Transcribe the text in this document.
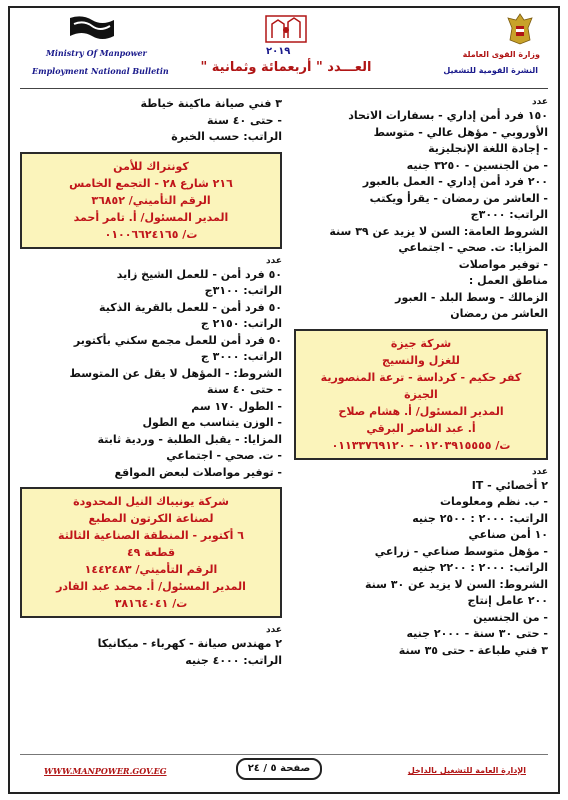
Ministry Of Manpower
Employment National Bulletin
٢٠١٩
العـــدد " أربعمائة وثمانية "
وزارة القوى العاملة
النشرة القومية للتشغيل
عدد
١٥٠ فرد أمن إداري - بسفارات الاتحاد
الأوروبي - مؤهل عالي - متوسط
- إجادة اللغة الإنجليزية
- من الجنسين - ٣٢٥٠ جنيه
٢٠٠ فرد أمن إداري - العمل بالعبور
- العاشر من رمضان - يقرأ ويكتب
الراتب: ٣٠٠٠ج
الشروط العامة: السن لا يزيد عن ٣٩ سنة
المزايا: ت. صحي - اجتماعي
- توفير مواصلات
مناطق العمل :
الزمالك - وسط البلد - العبور
العاشر من رمضان
شركة جيزة
للغزل والنسيج
كفر حكيم - كرداسة - ترعة المنصورية
الجيزة
المدير المسئول/ أ. هشام صلاح
أ. عبد الناصر البرقي
ت/ ٠١٢٠٣٩١٥٥٥٥ - ٠١١٣٣٧٦٩١٢٠
عدد
٢ أخصائي - IT
- ب. نظم ومعلومات
الراتب: ٢٠٠٠ : ٢٥٠٠ جنيه
١٠ أمن صناعي
- مؤهل متوسط صناعي - زراعي
الراتب: ٢٠٠٠ : ٢٢٠٠ جنيه
الشروط: السن لا يزيد عن ٣٠ سنة
٢٠٠ عامل إنتاج
- من الجنسين
- حتى ٣٠ سنة - ٢٠٠٠ جنيه
٣ فني طباعة - حتى ٣٥ سنة
٣ فني صيانة ماكينة خياطة
- حتى ٤٠ سنة
الراتب: حسب الخبرة
كونتراك للأمن
٢١٦ شارع ٢٨ - التجمع الخامس
الرقم التأميني/ ٣٦٨٥٢
المدير المسئول/ أ. تامر أحمد
ت/ ٠١٠٠٦٦٢٤١٦٥
عدد
٥٠ فرد أمن - للعمل الشيخ زايد
الراتب: ٣١٠٠ج
٥٠ فرد أمن - للعمل بالقرية الذكية
الراتب: ٢١٥٠ ج
٥٠ فرد أمن للعمل مجمع سكني بأكتوبر
الراتب: ٣٠٠٠ ج
الشروط: - المؤهل لا يقل عن المتوسط
- حتى ٤٠ سنة
- الطول ١٧٠ سم
- الوزن يتناسب مع الطول
المزايا: - يقبل الطلبة - وردية ثابتة
- ت. صحي - اجتماعي
- توفير مواصلات لبعض المواقع
شركة يونيباك النيل المحدودة
لصناعة الكرتون المطبع
٦ أكتوبر - المنطقة الصناعية الثالثة
قطعة ٤٩
الرقم التأميني/ ١٤٤٢٤٨٣
المدير المسئول/ أ. محمد عبد القادر
ت/ ٣٨١٦٤٠٤١
عدد
٢ مهندس صيانة - كهرباء - ميكانيكا
الراتب: ٤٠٠٠ جنيه
WWW.MANPOWER.GOV.EG	صفحة ٥ / ٢٤	الإدارة العامة للتشغيل بالداخل
